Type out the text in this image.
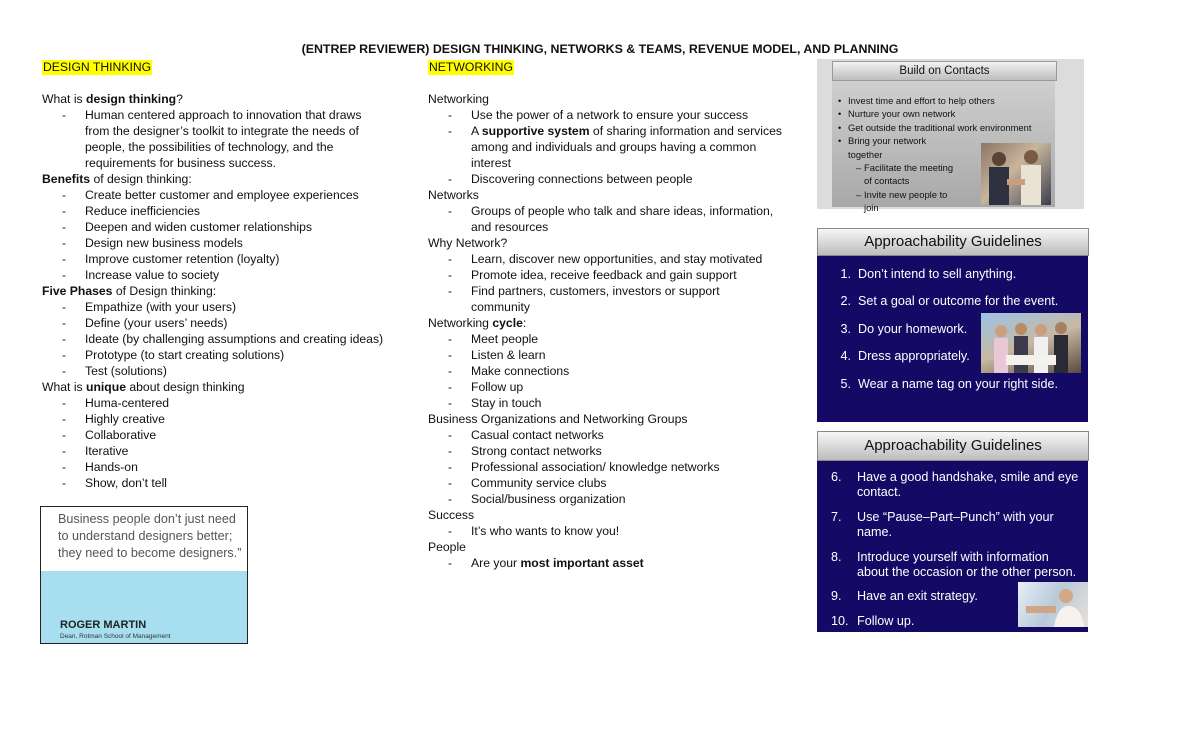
(ENTREP REVIEWER) DESIGN THINKING, NETWORKS & TEAMS, REVENUE MODEL, AND PLANNING
DESIGN THINKING
What is design thinking?
- Human centered approach to innovation that draws
from the designer’s toolkit to integrate the needs of
people, the possibilities of technology, and the
requirements for business success.
Benefits of design thinking:
- Create better customer and employee experiences
- Reduce inefficiencies
- Deepen and widen customer relationships
- Design new business models
- Improve customer retention (loyalty)
- Increase value to society
Five Phases of Design thinking:
- Empathize (with your users)
- Define (your users’ needs)
- Ideate (by challenging assumptions and creating ideas)
- Prototype (to start creating solutions)
- Test (solutions)
What is unique about design thinking
- Huma-centered
- Highly creative
- Collaborative
- Iterative
- Hands-on
- Show, don’t tell
Business people don’t just need to understand designers better; they need to become designers.”
ROGER MARTIN
Dean, Rotman School of Management
NETWORKING
Networking
- Use the power of a network to ensure your success
- A supportive system of sharing information and services
among and individuals and groups having a common
interest
- Discovering connections between people
Networks
- Groups of people who talk and share ideas, information,
and resources
Why Network?
- Learn, discover new opportunities, and stay motivated
- Promote idea, receive feedback and gain support
- Find partners, customers, investors or support
community
Networking cycle:
- Meet people
- Listen & learn
- Make connections
- Follow up
- Stay in touch
Business Organizations and Networking Groups
- Casual contact networks
- Strong contact networks
- Professional association/ knowledge networks
- Community service clubs
- Social/business organization
Success
- It’s who wants to know you!
People
- Are your most important asset
Build on Contacts
• Invest time and effort to help others
• Nurture your own network
• Get outside the traditional work environment
• Bring your network
together
– Facilitate the meeting
of contacts
– Invite new people to
join
Approachability Guidelines
1. Don’t intend to sell anything.
2. Set a goal or outcome for the event.
3. Do your homework.
4. Dress appropriately.
5. Wear a name tag on your right side.
Approachability Guidelines
6.	Have a good handshake, smile and eye contact.
7.	Use “Pause–Part–Punch” with your name.
8.	Introduce yourself with information about the occasion or the other person.
9.	Have an exit strategy.
10. Follow up.
